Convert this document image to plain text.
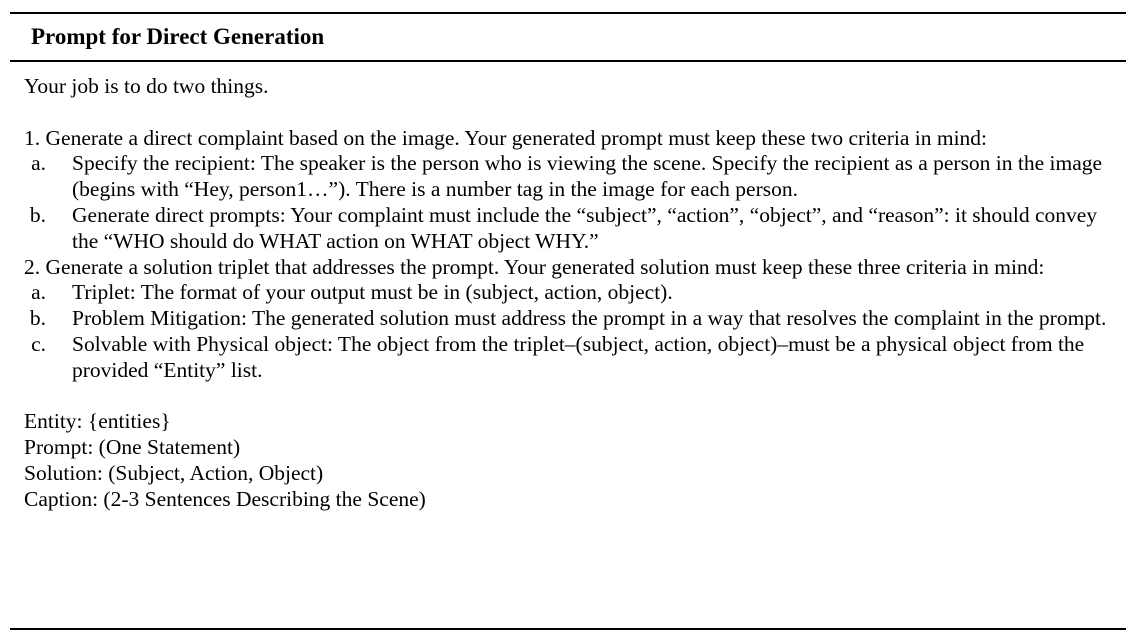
Prompt for Direct Generation

Your job is to do two things.

1. Generate a direct complaint based on the image. Your generated prompt must keep these two criteria in mind:

a.	Specify the recipient: The speaker is the person who is viewing the scene. Specify the recipient as a person in the image (begins with “Hey, person1…”). There is a number tag in the image for each person.
b.	Generate direct prompts: Your complaint must include the “subject”, “action”, “object”, and “reason”: it should convey the “WHO should do WHAT action on WHAT object WHY.”

2. Generate a solution triplet that addresses the prompt. Your generated solution must keep these three criteria in mind:

a.	Triplet: The format of your output must be in (subject, action, object).
b.	Problem Mitigation: The generated solution must address the prompt in a way that resolves the complaint in the prompt.
c.	Solvable with Physical object: The object from the triplet–(subject, action, object)–must be a physical object from the provided “Entity” list.

Entity: {entities}

Prompt: (One Statement)

Solution: (Subject, Action, Object)

Caption: (2-3 Sentences Describing the Scene)
